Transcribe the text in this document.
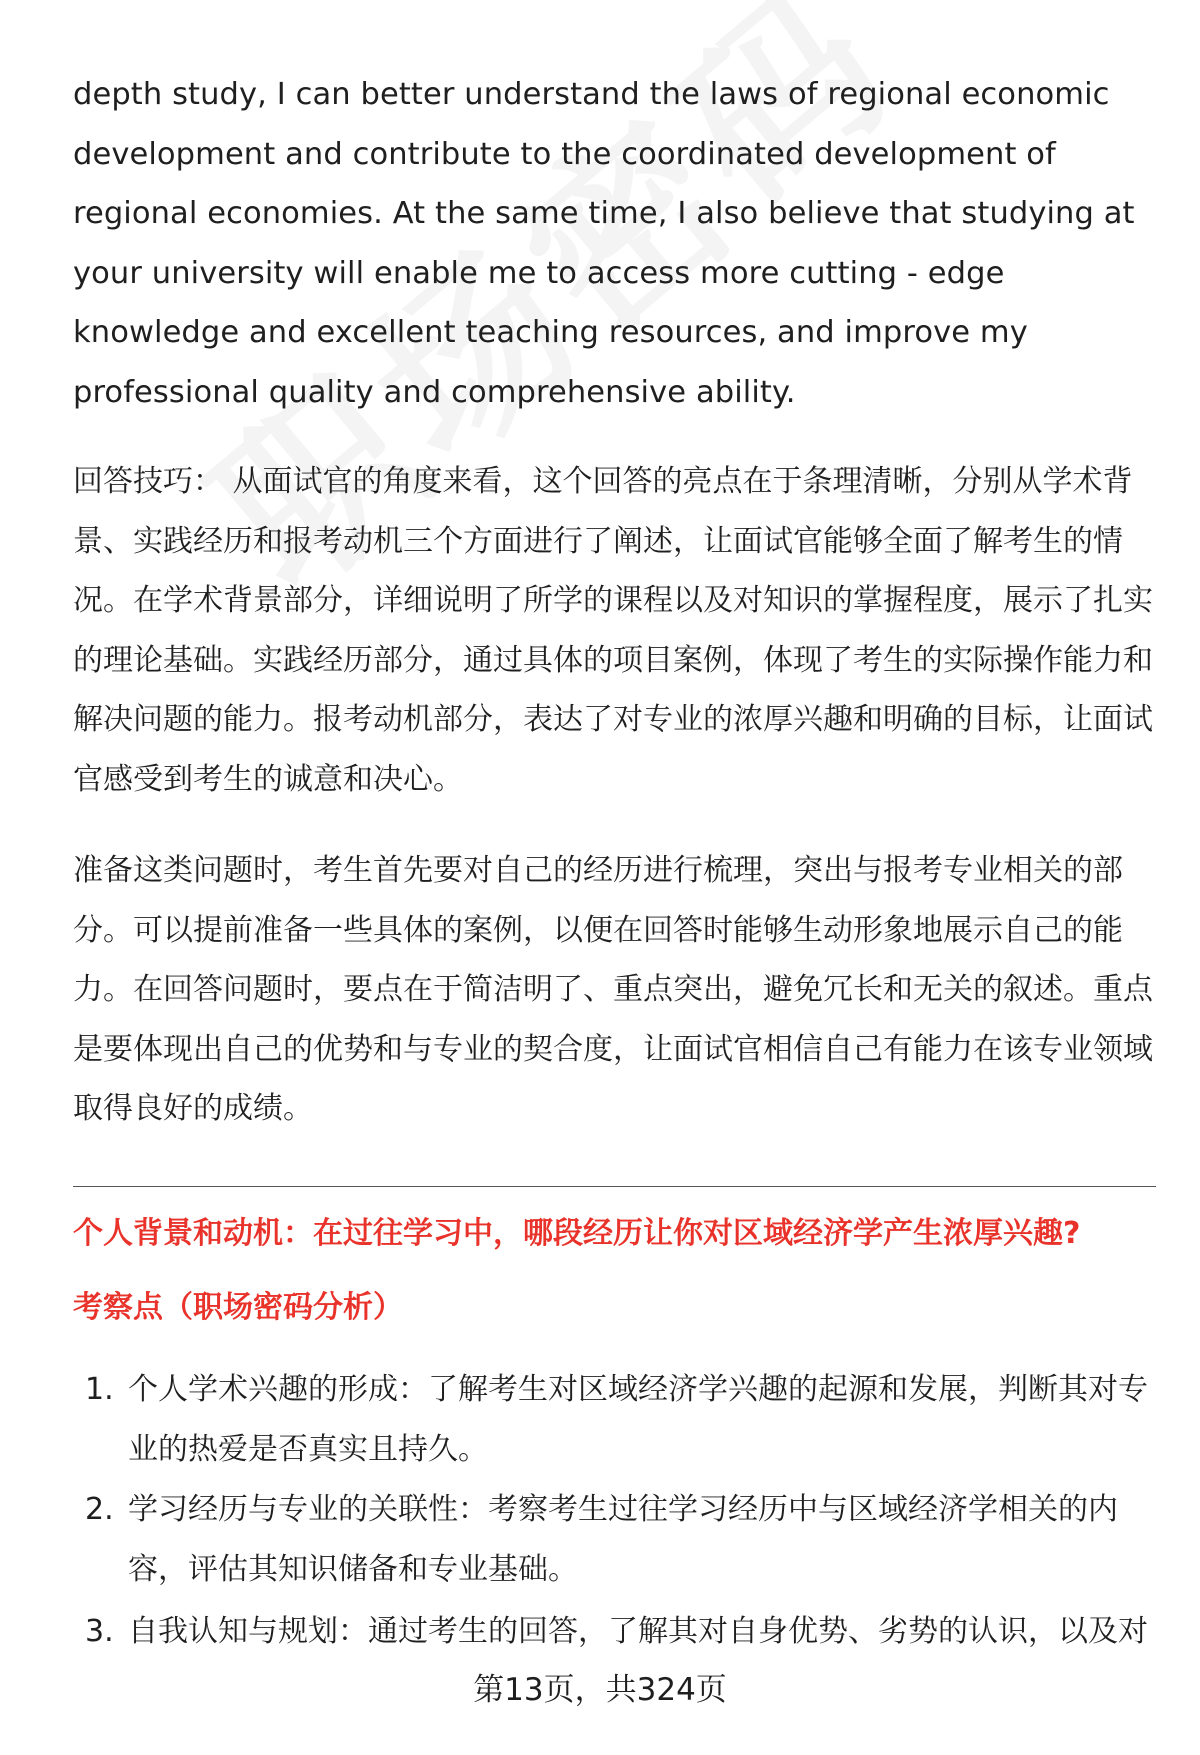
depth study, I can better understand the laws of regional economic development and contribute to the coordinated development of regional economies. At the same time, I also believe that studying at your university will enable me to access more cutting - edge knowledge and excellent teaching resources, and improve my professional quality and comprehensive ability.

回答技巧： 从面试官的角度来看，这个回答的亮点在于条理清晰，分别从学术背景、实践经历和报考动机三个方面进行了阐述，让面试官能够全面了解考生的情况。在学术背景部分，详细说明了所学的课程以及对知识的掌握程度，展示了扎实的理论基础。实践经历部分，通过具体的项目案例，体现了考生的实际操作能力和解决问题的能力。报考动机部分，表达了对专业的浓厚兴趣和明确的目标，让面试官感受到考生的诚意和决心。

准备这类问题时，考生首先要对自己的经历进行梳理，突出与报考专业相关的部分。可以提前准备一些具体的案例，以便在回答时能够生动形象地展示自己的能力。在回答问题时，要点在于简洁明了、重点突出，避免冗长和无关的叙述。重点是要体现出自己的优势和与专业的契合度，让面试官相信自己有能力在该专业领域取得良好的成绩。

个人背景和动机：在过往学习中，哪段经历让你对区域经济学产生浓厚兴趣?

考察点（职场密码分析）

1. 个人学术兴趣的形成：了解考生对区域经济学兴趣的起源和发展，判断其对专业的热爱是否真实且持久。
2. 学习经历与专业的关联性：考察考生过往学习经历中与区域经济学相关的内容，评估其知识储备和专业基础。
3. 自我认知与规划：通过考生的回答，了解其对自身优势、劣势的认识，以及对
第13页，共324页
